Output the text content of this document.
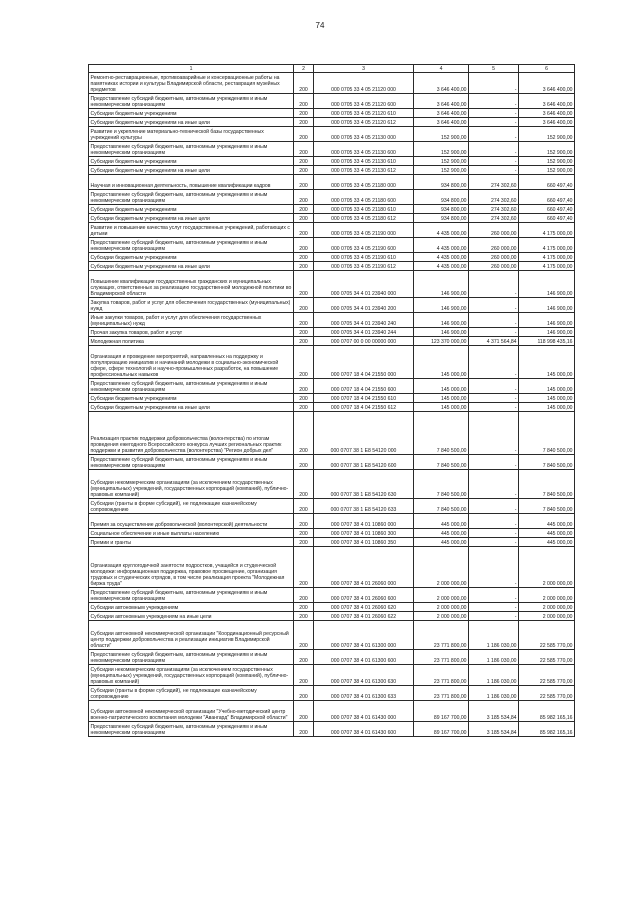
74
1	2	3	4	5	6
Ремонтно-реставрационные, противоаварийные и консервационные работы на памятниках истории и культуры Владимирской области, реставрация музейных предметов	200	000 0705 33 4 05 21120 000	3 646 400,00	-	3 646 400,00
Предоставление субсидий бюджетным, автономным учреждениям и иным некоммерческим организациям	200	000 0705 33 4 05 21120 600	3 646 400,00	-	3 646 400,00
Субсидии бюджетным учреждениям	200	000 0705 33 4 05 21120 610	3 646 400,00	-	3 646 400,00
Субсидии бюджетным учреждениям на иные цели	200	000 0705 33 4 05 21120 612	3 646 400,00	-	3 646 400,00
Развитие и укрепление материально-технической базы государственных учреждений культуры	200	000 0705 33 4 05 21130 000	152 900,00	-	152 900,00
Предоставление субсидий бюджетным, автономным учреждениям и иным некоммерческим организациям	200	000 0705 33 4 05 21130 600	152 900,00	-	152 900,00
Субсидии бюджетным учреждениям	200	000 0705 33 4 05 21130 610	152 900,00	-	152 900,00
Субсидии бюджетным учреждениям на иные цели	200	000 0705 33 4 05 21130 612	152 900,00	-	152 900,00
Научная и инновационная деятельность, повышение квалификации кадров	200	000 0705 33 4 05 21180 000	934 800,00	274 302,60	660 497,40
Предоставление субсидий бюджетным, автономным учреждениям и иным некоммерческим организациям	200	000 0705 33 4 05 21180 600	934 800,00	274 302,60	660 497,40
Субсидии бюджетным учреждениям	200	000 0705 33 4 05 21180 610	934 800,00	274 302,60	660 497,40
Субсидии бюджетным учреждениям на иные цели	200	000 0705 33 4 05 21180 612	934 800,00	274 302,60	660 497,40
Развитие и повышение качества услуг государственных учреждений, работающих с детьми	200	000 0705 33 4 05 21190 000	4 435 000,00	260 000,00	4 175 000,00
Предоставление субсидий бюджетным, автономным учреждениям и иным некоммерческим организациям	200	000 0705 33 4 05 21190 600	4 435 000,00	260 000,00	4 175 000,00
Субсидии бюджетным учреждениям	200	000 0705 33 4 05 21190 610	4 435 000,00	260 000,00	4 175 000,00
Субсидии бюджетным учреждениям на иные цели	200	000 0705 33 4 05 21190 612	4 435 000,00	260 000,00	4 175 000,00
Повышение квалификации государственных гражданских и муниципальных служащих, ответственных за реализацию государственной молодежной политики во Владимирской области	200	000 0705 34 4 01 23940 000	146 900,00	-	146 900,00
Закупка товаров, работ и услуг для обеспечения государственных (муниципальных) нужд	200	000 0705 34 4 01 23940 200	146 900,00	-	146 900,00
Иные закупки товаров, работ и услуг для обеспечения государственных (муниципальных) нужд	200	000 0705 34 4 01 23940 240	146 900,00	-	146 900,00
Прочая закупка товаров, работ и услуг	200	000 0705 34 4 01 23940 244	146 900,00	-	146 900,00
Молодежная политика	200	000 0707 00 0 00 00000 000	123 370 000,00	4 371 564,84	118 998 435,16
Организация и проведение мероприятий, направленных на поддержку и популяризацию инициатив и начинаний молодежи в социально-экономической сфере, сфере технологий и научно-промышленных разработок, на повышение профессиональных навыков	200	000 0707 18 4 04 21550 000	145 000,00	-	145 000,00
Предоставление субсидий бюджетным, автономным учреждениям и иным некоммерческим организациям	200	000 0707 18 4 04 21550 600	145 000,00	-	145 000,00
Субсидии бюджетным учреждениям	200	000 0707 18 4 04 21550 610	145 000,00	-	145 000,00
Субсидии бюджетным учреждениям на иные цели	200	000 0707 18 4 04 21550 612	145 000,00	-	145 000,00
Реализация практик поддержки добровольчества (волонтерства) по итогам проведения ежегодного Всероссийского конкурса лучших региональных практик поддержки и развития добровольчества (волонтерства) "Регион добрых дел"	200	000 0707 38 1 E8 54120 000	7 840 500,00	-	7 840 500,00
Предоставление субсидий бюджетным, автономным учреждениям и иным некоммерческим организациям	200	000 0707 38 1 E8 54120 600	7 840 500,00	-	7 840 500,00
Субсидии некоммерческим организациям (за исключением государственных (муниципальных) учреждений, государственных корпораций (компаний), публично-правовых компаний)	200	000 0707 38 1 E8 54120 630	7 840 500,00	-	7 840 500,00
Субсидии (гранты в форме субсидий), не подлежащие казначейскому сопровождению	200	000 0707 38 1 E8 54120 633	7 840 500,00	-	7 840 500,00
Премия за осуществление добровольческой (волонтерской) деятельности	200	000 0707 38 4 01 10860 000	445 000,00	-	445 000,00
Социальное обеспечение и иные выплаты населению	200	000 0707 38 4 01 10860 300	445 000,00	-	445 000,00
Премии и гранты	200	000 0707 38 4 01 10860 350	445 000,00	-	445 000,00
Организация круглогодичной занятости подростков, учащейся и студенческой молодежи: информационная поддержка, правовое просвещение, организация трудовых и студенческих отрядов, в том числе реализация проекта "Молодежная биржа труда"	200	000 0707 38 4 01 26060 000	2 000 000,00	-	2 000 000,00
Предоставление субсидий бюджетным, автономным учреждениям и иным некоммерческим организациям	200	000 0707 38 4 01 26060 600	2 000 000,00	-	2 000 000,00
Субсидии автономным учреждениям	200	000 0707 38 4 01 26060 620	2 000 000,00	-	2 000 000,00
Субсидии автономным учреждениям на иные цели	200	000 0707 38 4 01 26060 622	2 000 000,00	-	2 000 000,00
Субсидии автономной некоммерческой организации "Координационный ресурсный центр поддержки добровольчества и реализации инициатив Владимирской области"	200	000 0707 38 4 01 61300 000	23 771 800,00	1 186 030,00	22 585 770,00
Предоставление субсидий бюджетным, автономным учреждениям и иным некоммерческим организациям	200	000 0707 38 4 01 61300 600	23 771 800,00	1 186 030,00	22 585 770,00
Субсидии некоммерческим организациям (за исключением государственных (муниципальных) учреждений, государственных корпораций (компаний), публично-правовых компаний)	200	000 0707 38 4 01 61300 630	23 771 800,00	1 186 030,00	22 585 770,00
Субсидии (гранты в форме субсидий), не подлежащие казначейскому сопровождению	200	000 0707 38 4 01 61300 633	23 771 800,00	1 186 030,00	22 585 770,00
Субсидии автономной некоммерческой организации "Учебно-методический центр военно-патриотического воспитания молодежи "Авангард" Владимирской области"	200	000 0707 38 4 01 61430 000	89 167 700,00	3 185 534,84	85 982 165,16
Предоставление субсидий бюджетным, автономным учреждениям и иным некоммерческим организациям	200	000 0707 38 4 01 61430 600	89 167 700,00	3 185 534,84	85 982 165,16
